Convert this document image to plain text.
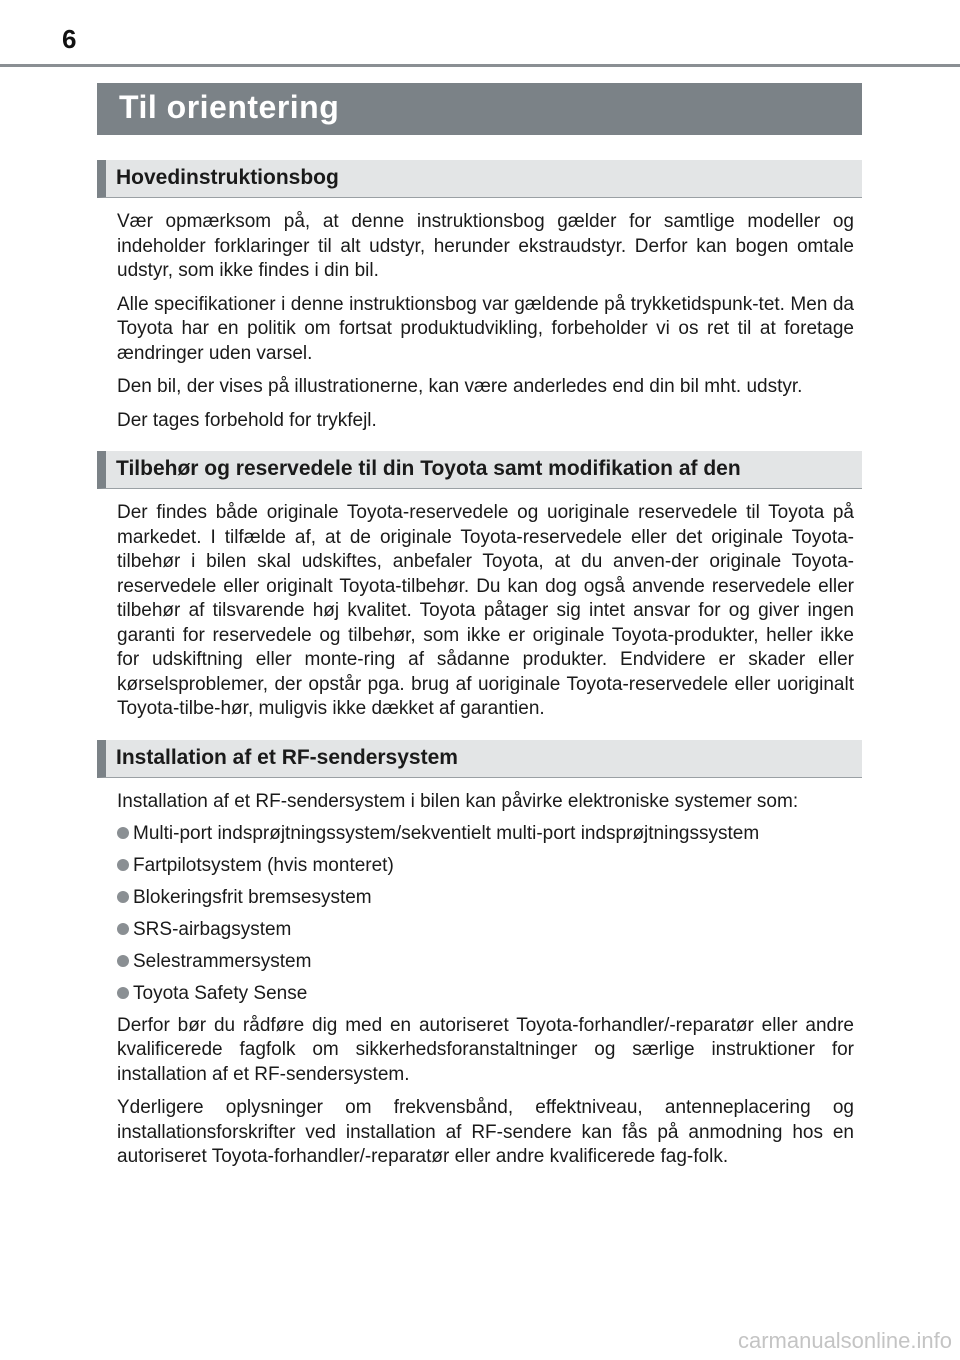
6
Til orientering
Hovedinstruktionsbog

Vær opmærksom på, at denne instruktionsbog gælder for samtlige modeller og indeholder forklaringer til alt udstyr, herunder ekstraudstyr. Derfor kan bogen omtale udstyr, som ikke findes i din bil.

Alle specifikationer i denne instruktionsbog var gældende på trykketidspunk-tet. Men da Toyota har en politik om fortsat produktudvikling, forbeholder vi os ret til at foretage ændringer uden varsel.

Den bil, der vises på illustrationerne, kan være anderledes end din bil mht. udstyr.

Der tages forbehold for trykfejl.

Tilbehør og reservedele til din Toyota samt modifikation af den

Der findes både originale Toyota-reservedele og uoriginale reservedele til Toyota på markedet. I tilfælde af, at de originale Toyota-reservedele eller det originale Toyota-tilbehør i bilen skal udskiftes, anbefaler Toyota, at du anven-der originale Toyota-reservedele eller originalt Toyota-tilbehør. Du kan dog også anvende reservedele eller tilbehør af tilsvarende høj kvalitet. Toyota påtager sig intet ansvar for og giver ingen garanti for reservedele og tilbehør, som ikke er originale Toyota-produkter, heller ikke for udskiftning eller monte-ring af sådanne produkter. Endvidere er skader eller kørselsproblemer, der opstår pga. brug af uoriginale Toyota-reservedele eller uoriginalt Toyota-tilbe-hør, muligvis ikke dækket af garantien.

Installation af et RF-sendersystem

Installation af et RF-sendersystem i bilen kan påvirke elektroniske systemer som:

Multi-port indsprøjtningssystem/sekventielt multi-port indsprøjtningssystem
Fartpilotsystem (hvis monteret)
Blokeringsfrit bremsesystem
SRS-airbagsystem
Selestrammersystem
Toyota Safety Sense

Derfor bør du rådføre dig med en autoriseret Toyota-forhandler/-reparatør eller andre kvalificerede fagfolk om sikkerhedsforanstaltninger og særlige instruktioner for installation af et RF-sendersystem.

Yderligere oplysninger om frekvensbånd, effektniveau, antenneplacering og installationsforskrifter ved installation af RF-sendere kan fås på anmodning hos en autoriseret Toyota-forhandler/-reparatør eller andre kvalificerede fag-folk.

carmanualsonline.info
